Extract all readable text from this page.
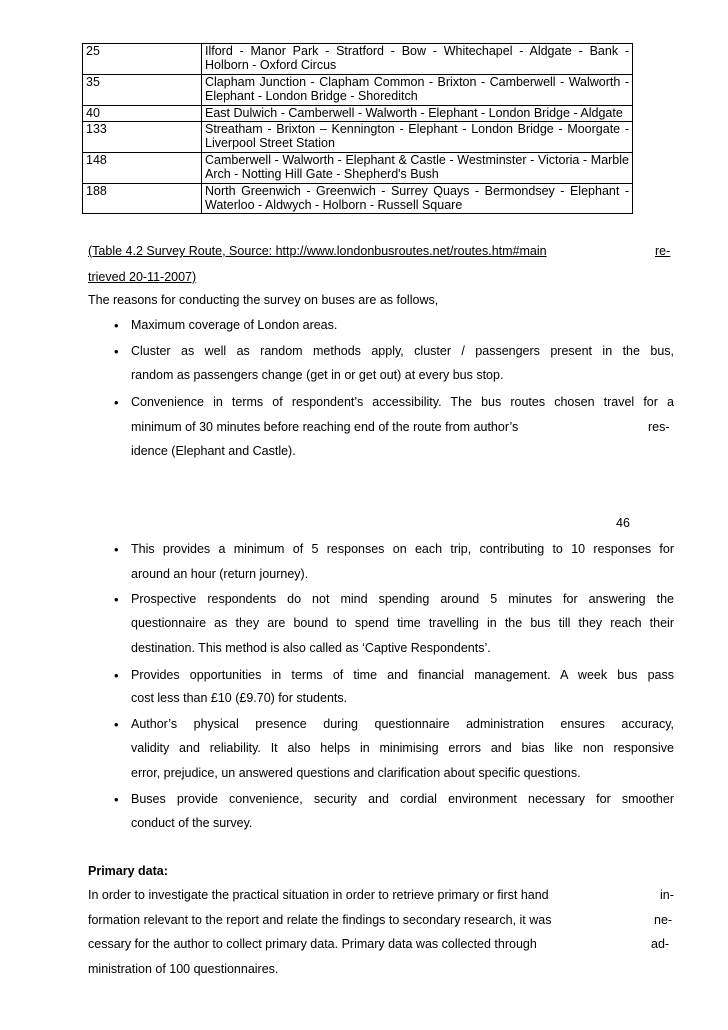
25	Ilford - Manor Park - Stratford - Bow - Whitechapel - Aldgate - Bank - Holborn - Oxford Circus
35	Clapham Junction - Clapham Common - Brixton - Camberwell - Walworth - Elephant - London Bridge - Shoreditch
40	East Dulwich - Camberwell - Walworth - Elephant - London Bridge - Aldgate
133	Streatham - Brixton – Kennington - Elephant - London Bridge - Moorgate - Liverpool Street Station
148	Camberwell - Walworth - Elephant & Castle - Westminster - Victoria - Marble Arch - Notting Hill Gate - Shepherd's Bush
188	North Greenwich - Greenwich - Surrey Quays - Bermondsey - Elephant - Waterloo - Aldwych - Holborn - Russell Square
(Table 4.2 Survey Route, Source: http://www.londonbusroutes.net/routes.htm#main	re-
trieved 20-11-2007)
The reasons for conducting the survey on buses are as follows,
• Maximum coverage of London areas.
• Cluster as well as random methods apply, cluster / passengers present in the bus,
random as passengers change (get in or get out) at every bus stop.
• Convenience in terms of respondent’s accessibility. The bus routes chosen travel for a
minimum of 30 minutes before reaching end of the route from author’s	res-
idence (Elephant and Castle).
46
• This provides a minimum of 5 responses on each trip, contributing to 10 responses for
around an hour (return journey).
• Prospective respondents do not mind spending around 5 minutes for answering the
questionnaire as they are bound to spend time travelling in the bus till they reach their
destination. This method is also called as ‘Captive Respondents’.
• Provides opportunities in terms of time and financial management. A week bus pass
cost less than £10 (£9.70) for students.
• Author’s physical presence during questionnaire administration ensures accuracy,
validity and reliability. It also helps in minimising errors and bias like non responsive
error, prejudice, un answered questions and clarification about specific questions.
• Buses provide convenience, security and cordial environment necessary for smoother
conduct of the survey.
Primary data:
In order to investigate the practical situation in order to retrieve primary or first hand	in-
formation relevant to the report and relate the findings to secondary research, it was	ne-
cessary for the author to collect primary data. Primary data was collected through	ad-
ministration of 100 questionnaires.
